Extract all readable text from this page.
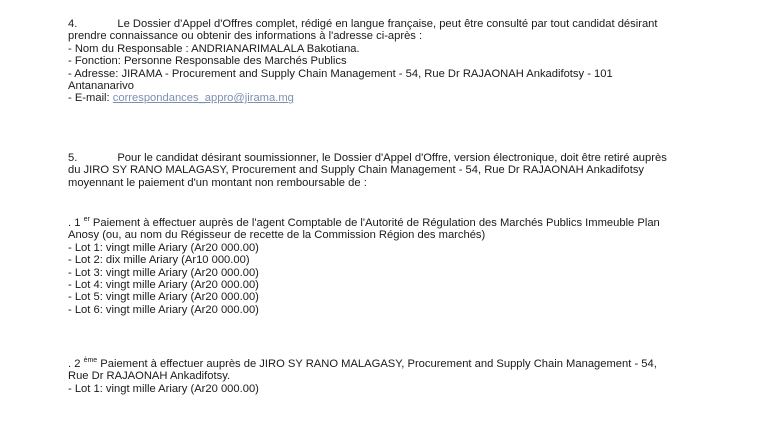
4.	Le Dossier d'Appel d'Offres complet, rédigé en langue française, peut être consulté par tout candidat désirant

prendre connaissance ou obtenir des informations à l'adresse ci-après :

- Nom du Responsable : ANDRIANARIMALALA Bakotiana.

- Fonction: Personne Responsable des Marchés Publics

- Adresse: JIRAMA - Procurement and Supply Chain Management - 54, Rue Dr RAJAONAH Ankadifotsy - 101

Antananarivo

- E-mail: correspondances_appro@jirama.mg

5.	Pour le candidat désirant soumissionner, le Dossier d'Appel d'Offre, version électronique, doit être retiré auprès

du JIRO SY RANO MALAGASY, Procurement and Supply Chain Management - 54, Rue Dr RAJAONAH Ankadifotsy

moyennant le paiement d'un montant non remboursable de :

. 1 $^{er}$ Paiement à effectuer auprès de l'agent Comptable de l'Autorité de Régulation des Marchés Publics Immeuble Plan

Anosy (ou, au nom du Régisseur de recette de la Commission Région des marchés)

- Lot 1: vingt mille Ariary (Ar20 000.00)

- Lot 2: dix mille Ariary (Ar10 000.00)

- Lot 3: vingt mille Ariary (Ar20 000.00)

- Lot 4: vingt mille Ariary (Ar20 000.00)

- Lot 5: vingt mille Ariary (Ar20 000.00)

- Lot 6: vingt mille Ariary (Ar20 000.00)

. 2 $^{ème}$ Paiement à effectuer auprès de JIRO SY RANO MALAGASY, Procurement and Supply Chain Management - 54,

Rue Dr RAJAONAH Ankadifotsy.

- Lot 1: vingt mille Ariary (Ar20 000.00)
